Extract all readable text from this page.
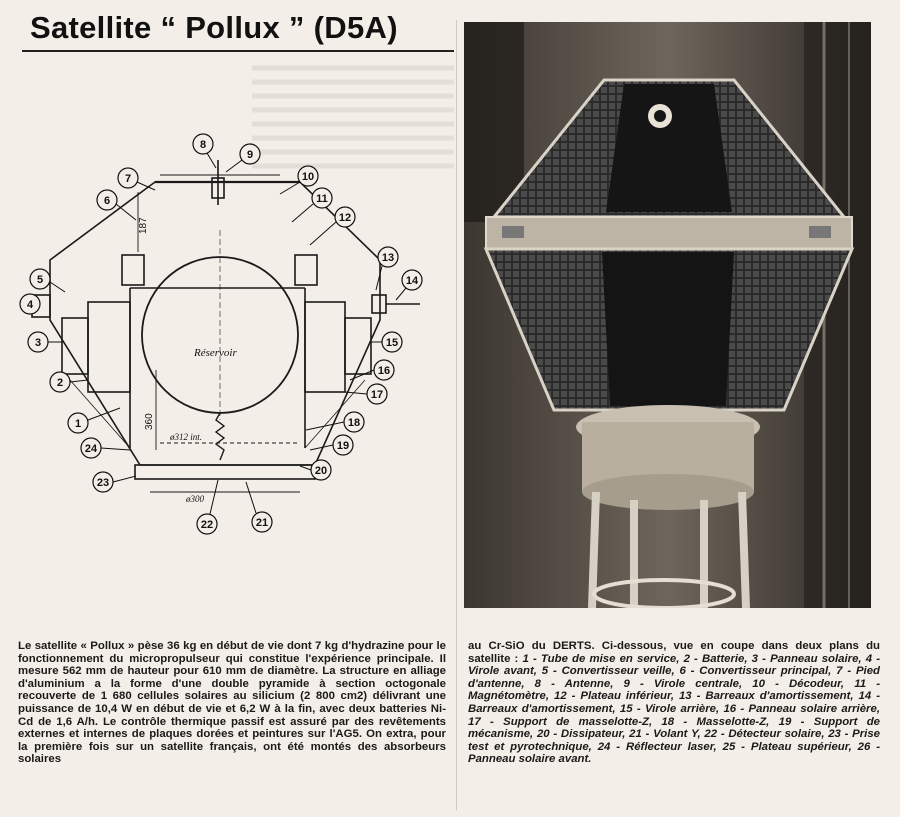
Satellite “ Pollux ” (D5A)
Réservoir
187
360
ø312 int.
ø300
1
2
3
4
5
6
7
8
9
10
11
12
13
14
15
16
17
18
19
20
21
22
23
24

Le satellite « Pollux » pèse 36 kg en début de vie dont 7 kg d'hydrazine pour le fonctionnement du micropropulseur qui constitue l'expérience principale. Il mesure 562 mm de hauteur pour 610 mm de diamètre. La structure en alliage d'aluminium a la forme d'une double pyramide à section octogonale recouverte de 1 680 cellules solaires au silicium (2 800 cm2) délivrant une puissance de 10,4 W en début de vie et 6,2 W à la fin, avec deux batteries Ni-Cd de 1,6 A/h. Le contrôle thermique passif est assuré par des revêtements externes et internes de plaques dorées et peintures sur l'AG5. On extra, pour la première fois sur un satellite français, ont été montés des absorbeurs solaires

au Cr-SiO du DERTS. Ci-dessous, vue en coupe dans deux plans du satellite : 1 - Tube de mise en service, 2 - Batterie, 3 - Panneau solaire, 4 - Virole avant, 5 - Convertisseur veille, 6 - Convertisseur principal, 7 - Pied d'antenne, 8 - Antenne, 9 - Virole centrale, 10 - Décodeur, 11 - Magnétomètre, 12 - Plateau inférieur, 13 - Barreaux d'amortissement, 14 - Barreaux d'amortissement, 15 - Virole arrière, 16 - Panneau solaire arrière, 17 - Support de masselotte-Z, 18 - Masselotte-Z, 19 - Support de mécanisme, 20 - Dissipateur, 21 - Volant Y, 22 - Détecteur solaire, 23 - Prise test et pyrotechnique, 24 - Réflecteur laser, 25 - Plateau supérieur, 26 - Panneau solaire avant.
